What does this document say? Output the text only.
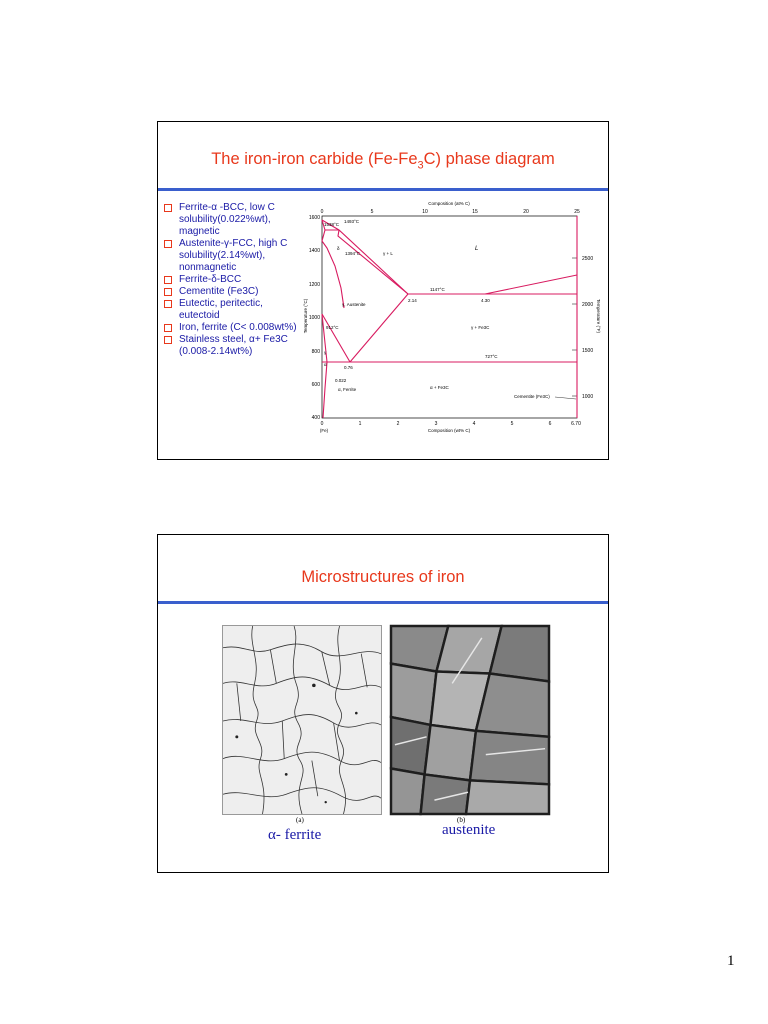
The iron-iron carbide $(Fe-Fe_3C)$ phase diagram
Ferrite-α -BCC, low C solubility(0.022%wt), magnetic
Austenite-γ-FCC, high C solubility(2.14%wt), nonmagnetic
Ferrite-δ-BCC
Cementite (Fe3C)
Eutectic, peritectic, eutectoid
Iron, ferrite (C< 0.008wt%)
Stainless steel, α+ Fe3C (0.008-2.14wt%)
Composition (at% C)
0	5	10	15	20	25
1600
1400
1200
1000
800
600
400
Temperature (°C)
2500
2000
1500
1000
Temperature (°F)
0	1	2	3	4	5	6	6.70
(Fe)	Composition (wt% C)
1538°C
1493°C
δ
1394°C	γ + L
L
1147°C
2.14	4.30
γ, Austenite
912°C	γ + Fe3C
γ
α
727°C
0.76
0.022
α, Ferrite	α + Fe3C
Cementite (Fe3C)
Microstructures of iron
(a)	(b)
α- ferrite	austenite
1
